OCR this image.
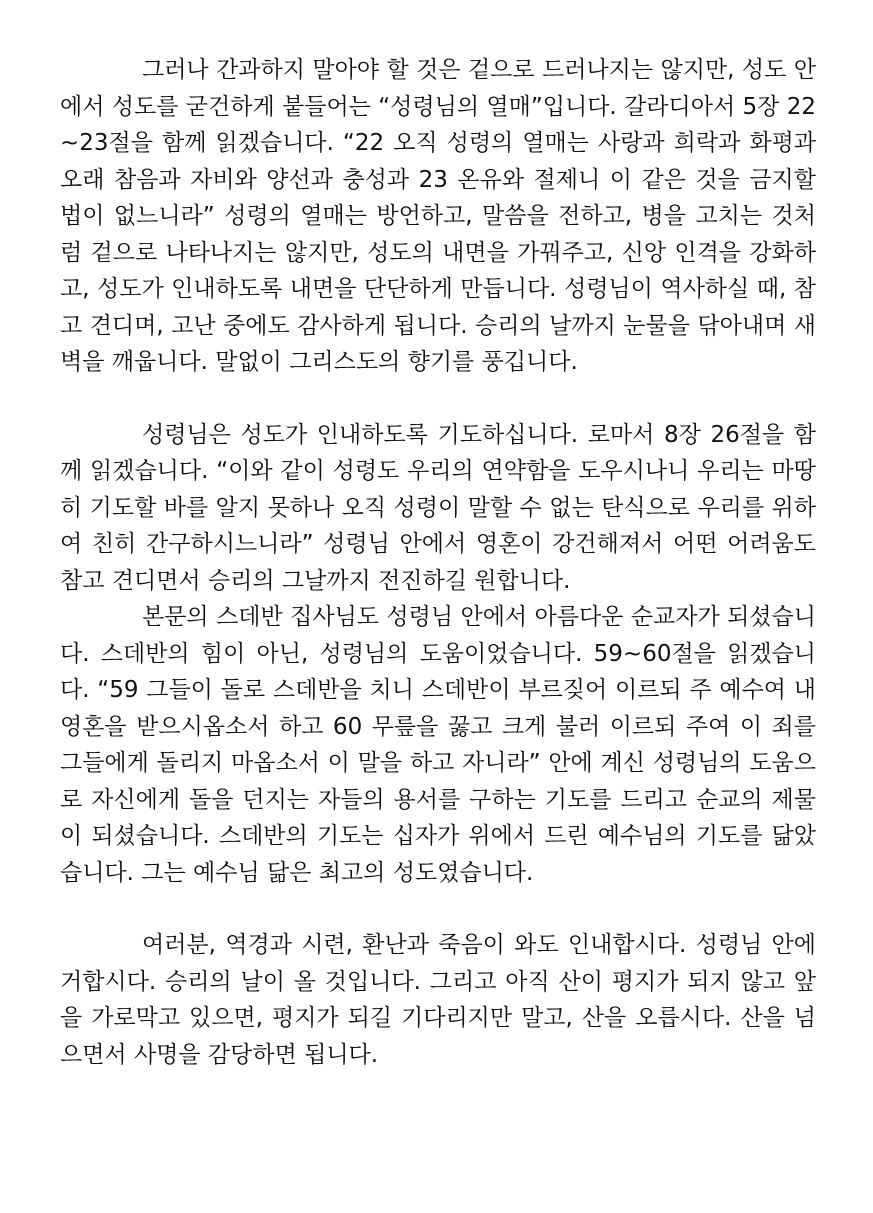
그러나 간과하지 말아야 할 것은 겉으로 드러나지는 않지만, 성도 안에서 성도를 굳건하게 붙들어는 “성령님의 열매”입니다. 갈라디아서 5장 22~23절을 함께 읽겠습니다. “22 오직 성령의 열매는 사랑과 희락과 화평과 오래 참음과 자비와 양선과 충성과 23 온유와 절제니 이 같은 것을 금지할 법이 없느니라” 성령의 열매는 방언하고, 말씀을 전하고, 병을 고치는 것처럼 겉으로 나타나지는 않지만, 성도의 내면을 가꿔주고, 신앙 인격을 강화하고, 성도가 인내하도록 내면을 단단하게 만듭니다. 성령님이 역사하실 때, 참고 견디며, 고난 중에도 감사하게 됩니다. 승리의 날까지 눈물을 닦아내며 새벽을 깨웁니다. 말없이 그리스도의 향기를 풍깁니다.

성령님은 성도가 인내하도록 기도하십니다. 로마서 8장 26절을 함께 읽겠습니다. “이와 같이 성령도 우리의 연약함을 도우시나니 우리는 마땅히 기도할 바를 알지 못하나 오직 성령이 말할 수 없는 탄식으로 우리를 위하여 친히 간구하시느니라” 성령님 안에서 영혼이 강건해져서 어떤 어려움도 참고 견디면서 승리의 그날까지 전진하길 원합니다.

본문의 스데반 집사님도 성령님 안에서 아름다운 순교자가 되셨습니다. 스데반의 힘이 아닌, 성령님의 도움이었습니다. 59~60절을 읽겠습니다. “59 그들이 돌로 스데반을 치니 스데반이 부르짖어 이르되 주 예수여 내 영혼을 받으시옵소서 하고 60 무릎을 꿇고 크게 불러 이르되 주여 이 죄를 그들에게 돌리지 마옵소서 이 말을 하고 자니라” 안에 계신 성령님의 도움으로 자신에게 돌을 던지는 자들의 용서를 구하는 기도를 드리고 순교의 제물이 되셨습니다. 스데반의 기도는 십자가 위에서 드린 예수님의 기도를 닮았습니다. 그는 예수님 닮은 최고의 성도였습니다.

여러분, 역경과 시련, 환난과 죽음이 와도 인내합시다. 성령님 안에 거합시다. 승리의 날이 올 것입니다. 그리고 아직 산이 평지가 되지 않고 앞을 가로막고 있으면, 평지가 되길 기다리지만 말고, 산을 오릅시다. 산을 넘으면서 사명을 감당하면 됩니다.
